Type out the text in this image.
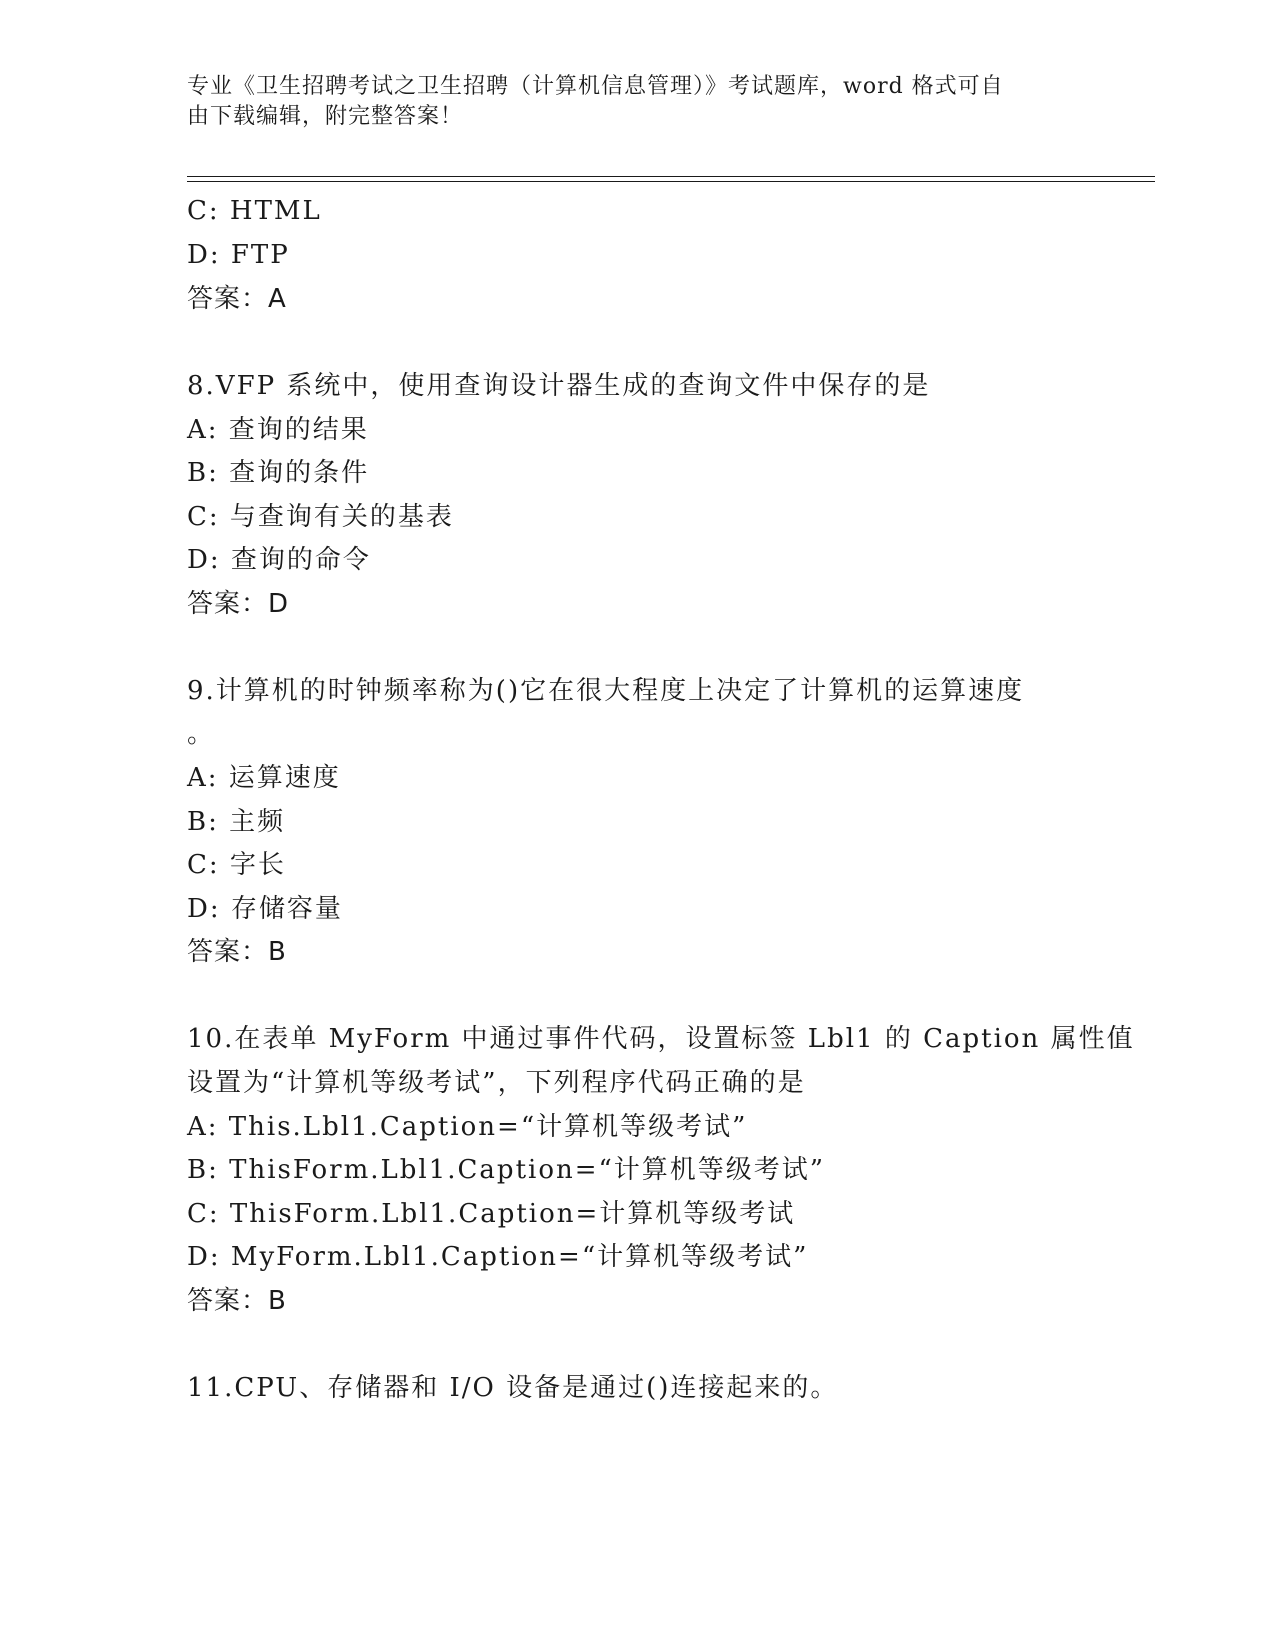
专业《卫生招聘考试之卫生招聘（计算机信息管理）》考试题库，word 格式可自
由下载编辑，附完整答案！
C: HTML
D: FTP
答案：A
8.VFP 系统中，使用查询设计器生成的查询文件中保存的是
A: 查询的结果
B: 查询的条件
C: 与查询有关的基表
D: 查询的命令
答案：D
9.计算机的时钟频率称为()它在很大程度上决定了计算机的运算速度
。
A: 运算速度
B: 主频
C: 字长
D: 存储容量
答案：B
10.在表单 MyForm 中通过事件代码，设置标签 Lbl1 的 Caption 属性值
设置为“计算机等级考试”，下列程序代码正确的是
A: This.Lbl1.Caption=“计算机等级考试”
B: ThisForm.Lbl1.Caption=“计算机等级考试”
C: ThisForm.Lbl1.Caption=计算机等级考试
D: MyForm.Lbl1.Caption=“计算机等级考试”
答案：B
11.CPU、存储器和 I/O 设备是通过()连接起来的。
